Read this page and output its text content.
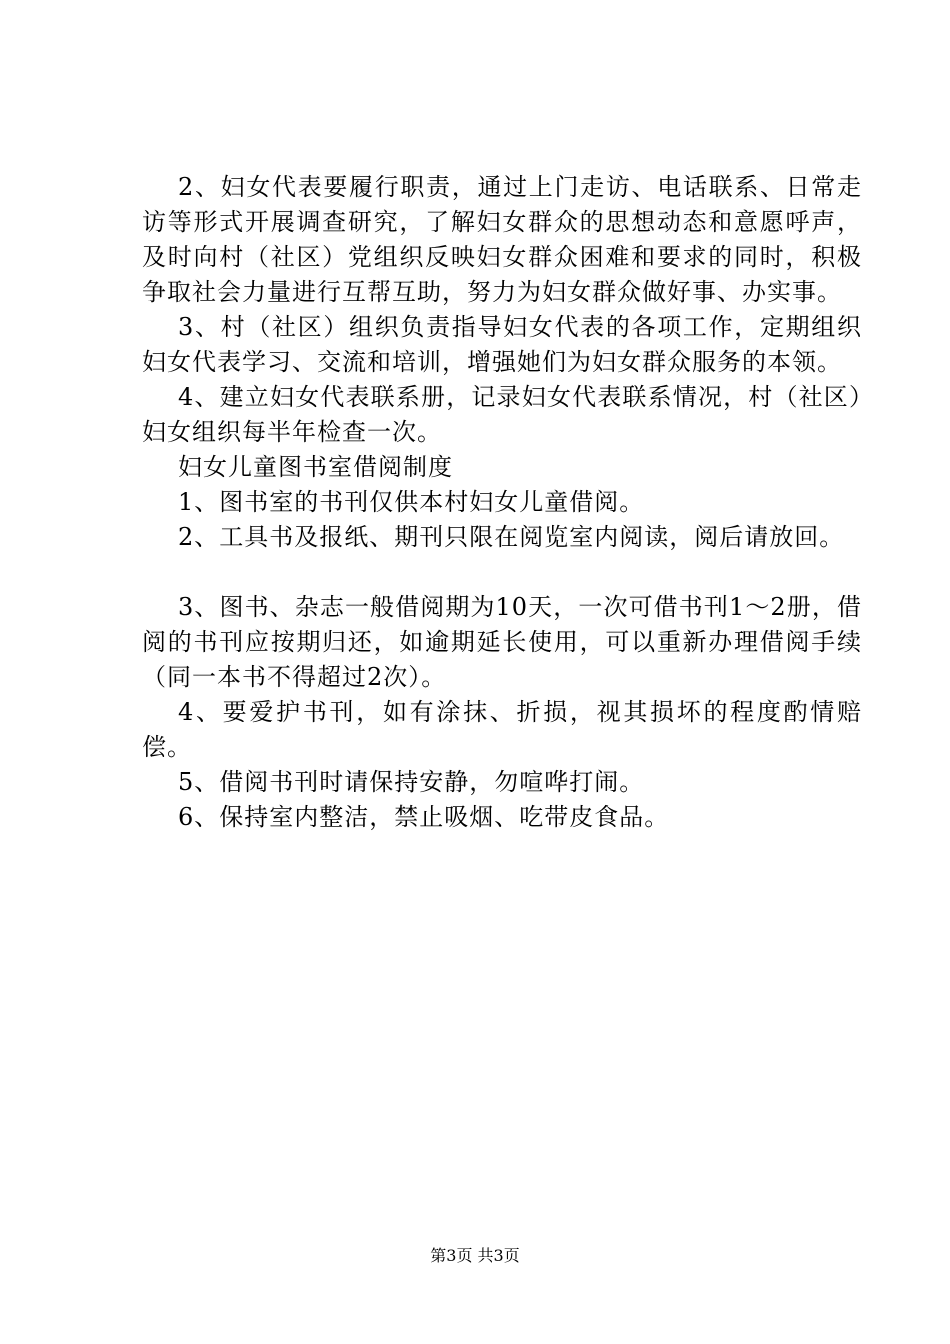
2、妇女代表要履行职责，通过上门走访、电话联系、日常走访等形式开展调查研究，了解妇女群众的思想动态和意愿呼声，及时向村（社区）党组织反映妇女群众困难和要求的同时，积极争取社会力量进行互帮互助，努力为妇女群众做好事、办实事。

3、村（社区）组织负责指导妇女代表的各项工作，定期组织妇女代表学习、交流和培训，增强她们为妇女群众服务的本领。

4、建立妇女代表联系册，记录妇女代表联系情况，村（社区）妇女组织每半年检查一次。

妇女儿童图书室借阅制度

1、图书室的书刊仅供本村妇女儿童借阅。

2、工具书及报纸、期刊只限在阅览室内阅读，阅后请放回。

3、图书、杂志一般借阅期为10天，一次可借书刊1～2册，借阅的书刊应按期归还，如逾期延长使用，可以重新办理借阅手续（同一本书不得超过2次）。

4、要爱护书刊，如有涂抹、折损，视其损坏的程度酌情赔偿。

5、借阅书刊时请保持安静，勿喧哗打闹。

6、保持室内整洁，禁止吸烟、吃带皮食品。

第3页 共3页
